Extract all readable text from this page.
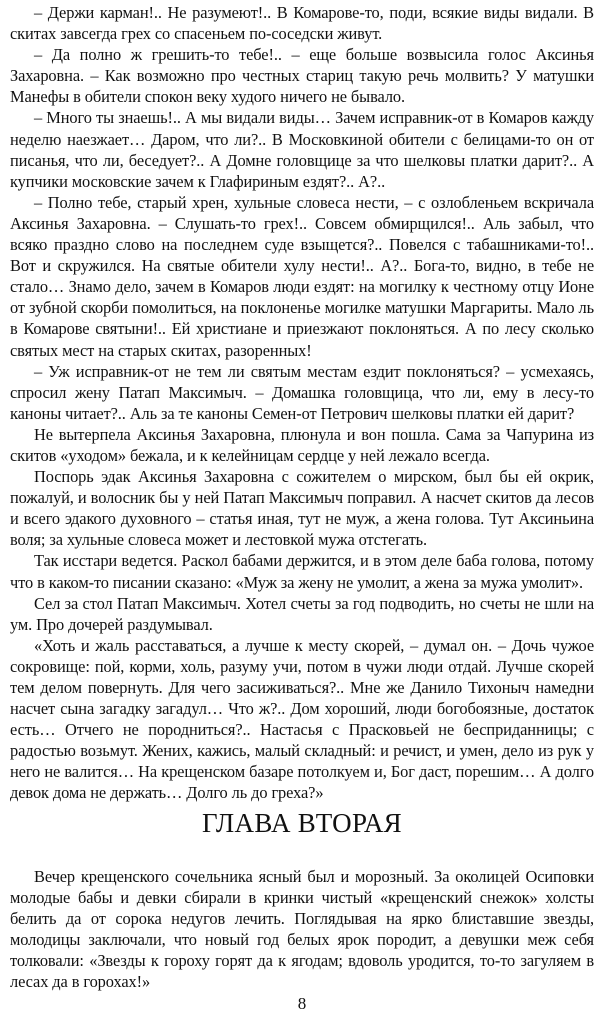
– Держи карман!.. Не разумеют!.. В Комарове-то, поди, всякие виды видали. В скитах завсегда грех со спасеньем по-соседски живут.

– Да полно ж грешить-то тебе!.. – еще больше возвысила голос Аксинья Захаровна. – Как возможно про честных стариц такую речь молвить? У матушки Манефы в обители спокон веку худого ничего не бывало.

– Много ты знаешь!.. А мы видали виды… Зачем исправник-от в Комаров кажду неделю наезжает… Даром, что ли?.. В Московкиной обители с белицами-то он от писанья, что ли, беседует?.. А Домне головщице за что шелковы платки дарит?.. А купчики московские зачем к Глафириным ездят?.. А?..

– Полно тебе, старый хрен, хульные словеса нести, – с озлобленьем вскричала Аксинья Захаровна. – Слушать-то грех!.. Совсем обмирщился!.. Аль забыл, что всяко праздно слово на последнем суде взыщется?.. Повелся с табашниками-то!.. Вот и скружился. На святые обители хулу нести!.. А?.. Бога-то, видно, в тебе не стало… Знамо дело, зачем в Комаров люди ездят: на могилку к честному отцу Ионе от зубной скорби помолиться, на поклоненье могилке матушки Маргариты. Мало ль в Комарове святыни!.. Ей христиане и приезжают поклоняться. А по лесу сколько святых мест на старых скитах, разоренных!

– Уж исправник-от не тем ли святым местам ездит поклоняться? – усмехаясь, спросил жену Патап Максимыч. – Домашка головщица, что ли, ему в лесу-то каноны читает?.. Аль за те каноны Семен-от Петрович шелковы платки ей дарит?

Не вытерпела Аксинья Захаровна, плюнула и вон пошла. Сама за Чапурина из скитов «уходом» бежала, и к келейницам сердце у ней лежало всегда.

Поспорь эдак Аксинья Захаровна с сожителем о мирском, был бы ей окрик, пожалуй, и волосник бы у ней Патап Максимыч поправил. А насчет скитов да лесов и всего эдакого духовного – статья иная, тут не муж, а жена голова. Тут Аксиньина воля; за хульные словеса может и лестовкой мужа отстегать.

Так исстари ведется. Раскол бабами держится, и в этом деле баба голова, потому что в каком-то писании сказано: «Муж за жену не умолит, а жена за мужа умолит».

Сел за стол Патап Максимыч. Хотел счеты за год подводить, но счеты не шли на ум. Про дочерей раздумывал.

«Хоть и жаль расставаться, а лучше к месту скорей, – думал он. – Дочь чужое сокровище: пой, корми, холь, разуму учи, потом в чужи люди отдай. Лучше скорей тем делом повернуть. Для чего засиживаться?.. Мне же Данило Тихоныч намедни насчет сына загадку загадул… Что ж?.. Дом хороший, люди богобоязные, достаток есть… Отчего не породниться?.. Настасья с Прасковьей не бесприданницы; с радостью возьмут. Жених, кажись, малый складный: и речист, и умен, дело из рук у него не валится… На крещенском базаре потолкуем и, Бог даст, порешим… А долго девок дома не держать… Долго ль до греха?»

ГЛАВА ВТОРАЯ

Вечер крещенского сочельника ясный был и морозный. За околицей Осиповки молодые бабы и девки сбирали в кринки чистый «крещенский снежок» холсты белить да от сорока недугов лечить. Поглядывая на ярко блиставшие звезды, молодицы заключали, что новый год белых ярок породит, а девушки меж себя толковали: «Звезды к гороху горят да к ягодам; вдоволь уродится, то-то загуляем в лесах да в горохах!»

8
